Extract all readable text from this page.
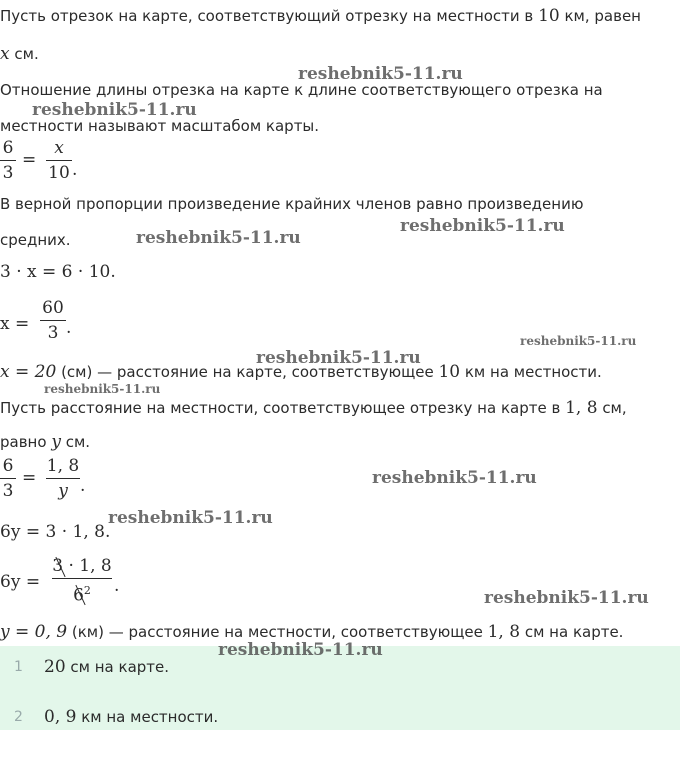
Пусть отрезок на карте, соответствующий отрезку на местности в 10 км, равен
x см.
Отношение длины отрезка на карте к длине соответствующего отрезка на
местности называют масштабом карты.
6
3
=
x
10 .
В верной пропорции произведение крайних членов равно произведению
средних.
3 · x = 6 · 10.
x =
60
3 .
x = 20 (см) — расстояние на карте, соответствующее 10 км на местности.
Пусть расстояние на местности, соответствующее отрезку на карте в 1, 8 см,
равно y см.
6
3
=
1, 8
y .
6y = 3 · 1, 8.
6y =
3 · 1, 8
$6^2$	.
y = 0, 9 (км) — расстояние на местности, соответствующее 1, 8 см на карте.
1 20 см на карте.
2 0, 9 км на местности.
reshebnik5-11.ru
reshebnik5-11.ru
reshebnik5-11.ru
reshebnik5-11.ru
reshebnik5-11.ru
reshebnik5-11.ru
reshebnik5-11.ru
reshebnik5-11.ru
reshebnik5-11.ru
reshebnik5-11.ru
reshebnik5-11.ru
